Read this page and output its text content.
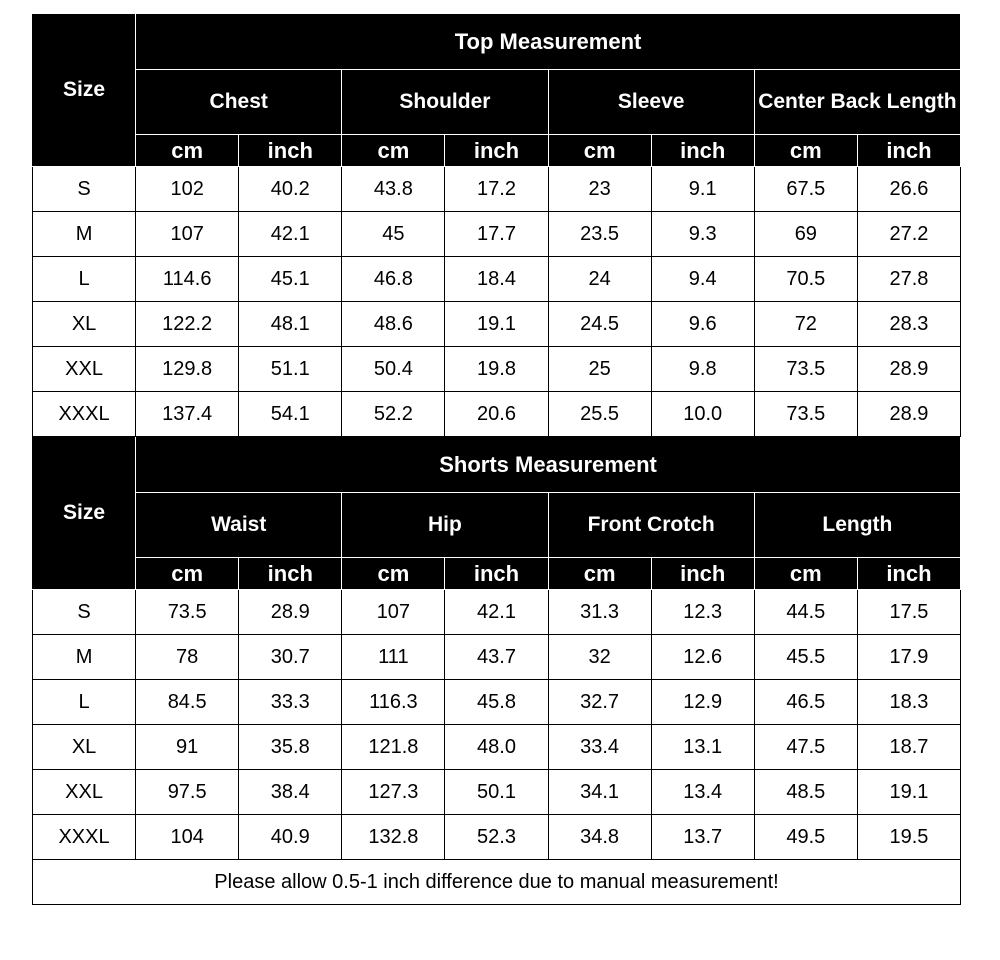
Size	Top Measurement							
	Chest		Shoulder		Sleeve		Center Back Length	
	cm	inch	cm	inch	cm	inch	cm	inch
S	102	40.2	43.8	17.2	23	9.1	67.5	26.6
M	107	42.1	45	17.7	23.5	9.3	69	27.2
L	114.6	45.1	46.8	18.4	24	9.4	70.5	27.8
XL	122.2	48.1	48.6	19.1	24.5	9.6	72	28.3
XXL	129.8	51.1	50.4	19.8	25	9.8	73.5	28.9
XXXL	137.4	54.1	52.2	20.6	25.5	10.0	73.5	28.9
Size	Shorts Measurement							
	Waist		Hip		Front Crotch		Length	
	cm	inch	cm	inch	cm	inch	cm	inch
S	73.5	28.9	107	42.1	31.3	12.3	44.5	17.5
M	78	30.7	111	43.7	32	12.6	45.5	17.9
L	84.5	33.3	116.3	45.8	32.7	12.9	46.5	18.3
XL	91	35.8	121.8	48.0	33.4	13.1	47.5	18.7
XXL	97.5	38.4	127.3	50.1	34.1	13.4	48.5	19.1
XXXL	104	40.9	132.8	52.3	34.8	13.7	49.5	19.5
Please allow 0.5-1 inch difference due to manual measurement!								
